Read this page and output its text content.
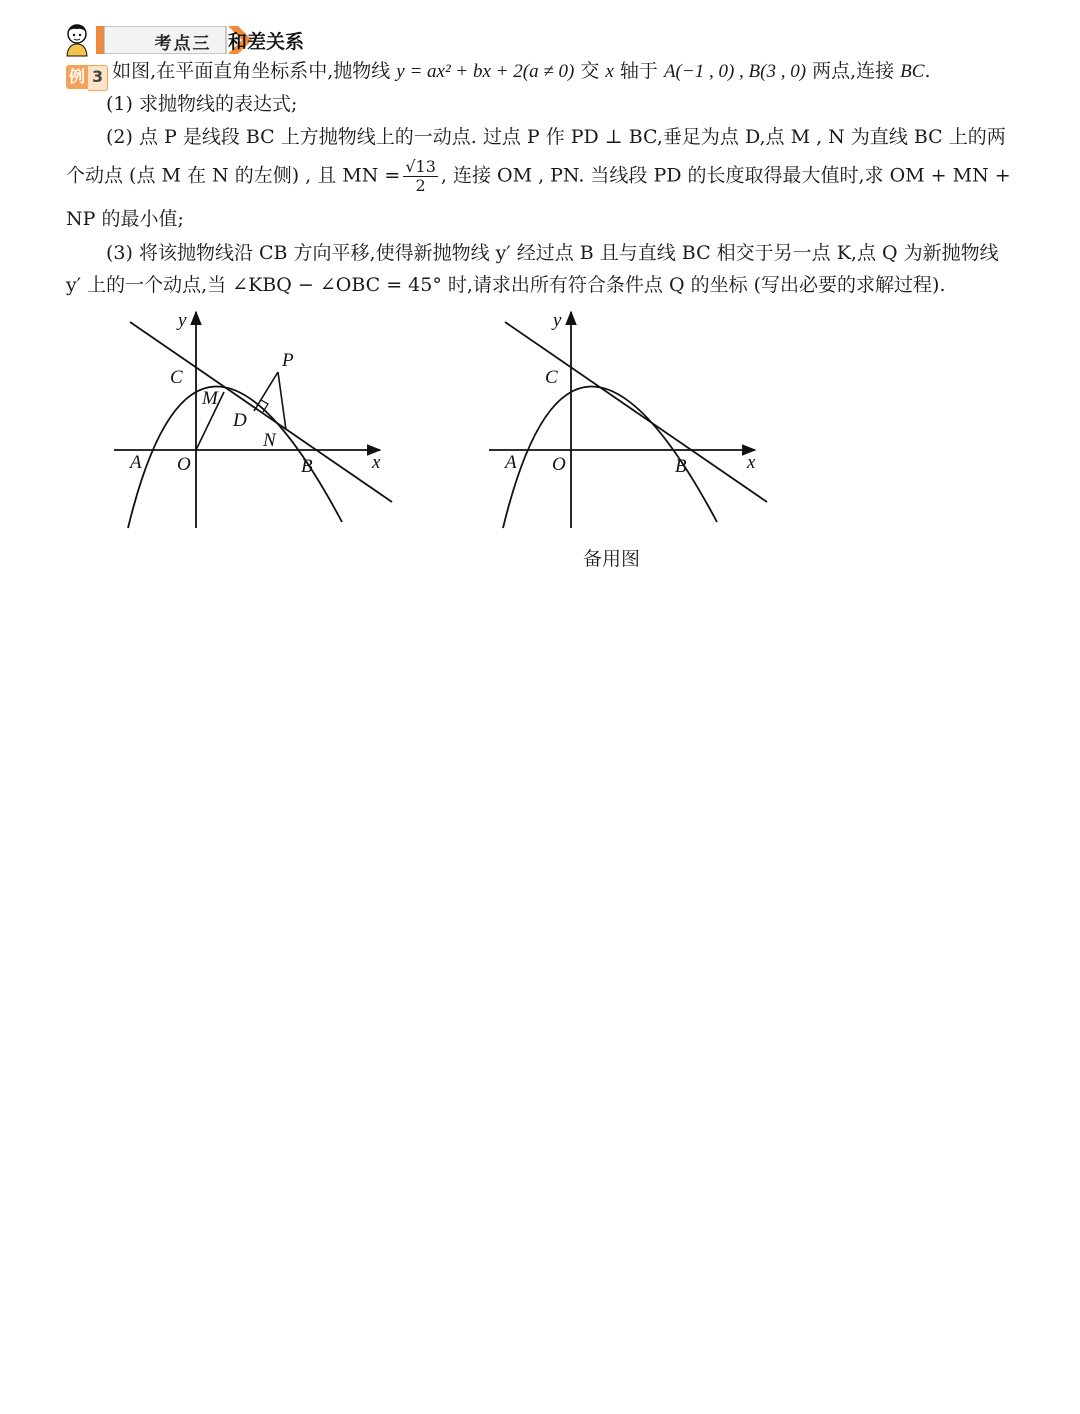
考点三 和差关系
例 3 如图,在平面直角坐标系中,抛物线 y = ax² + bx + 2(a ≠ 0) 交 x 轴于 A(−1 , 0) , B(3 , 0) 两点,连接 BC.
(1) 求抛物线的表达式;
(2) 点 P 是线段 BC 上方抛物线上的一动点. 过点 P 作 PD ⊥ BC,垂足为点 D,点 M , N 为直线 BC 上的两
个动点 (点 M 在 N 的左侧) , 且 MN = $\frac{√13}{2}$ , 连接 OM , PN. 当线段 PD 的长度取得最大值时,求 OM + MN +
NP 的最小值;
(3) 将该抛物线沿 CB 方向平移,使得新抛物线 y′ 经过点 B 且与直线 BC 相交于另一点 K,点 Q 为新抛物线
y′ 上的一个动点,当 ∠KBQ − ∠OBC = 45° 时,请求出所有符合条件点 Q 的坐标 (写出必要的求解过程).
y
x
C
M
D
P
N
A O	B
y
x
C
A O	B
备用图
